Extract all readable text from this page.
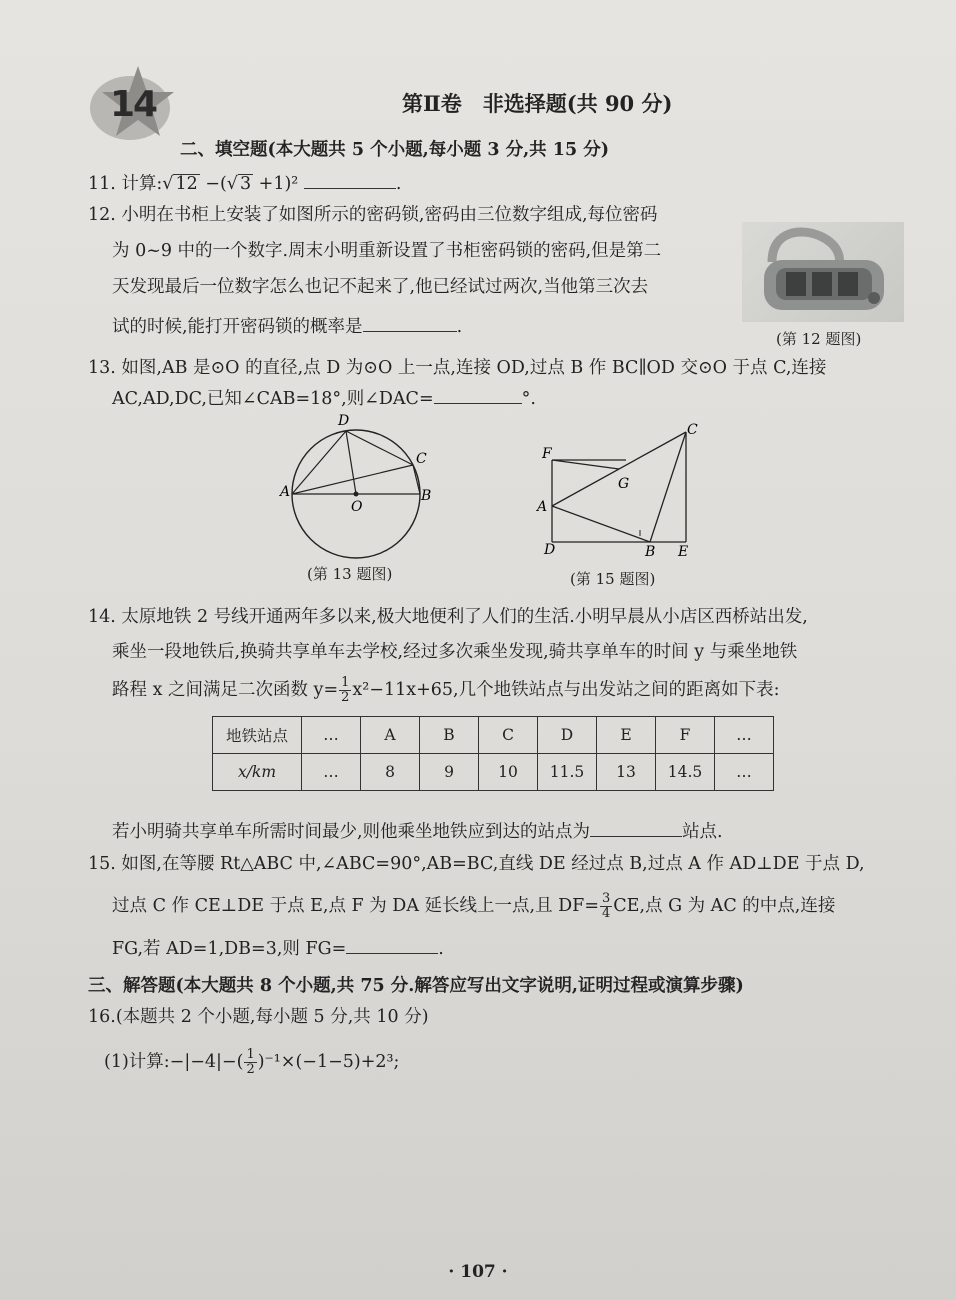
14	第Ⅱ卷　非选择题(共 90 分)
二、填空题(本大题共 5 个小题,每小题 3 分,共 15 分)
11. 计算:√ 12 −(√ 3 +1)²	.
12. 小明在书柜上安装了如图所示的密码锁,密码由三位数字组成,每位密码
为 0~9 中的一个数字.周末小明重新设置了书柜密码锁的密码,但是第二
天发现最后一位数字怎么也记不起来了,他已经试过两次,当他第三次去
试的时候,能打开密码锁的概率是	.
(第 12 题图)
13. 如图,AB 是⊙O 的直径,点 D 为⊙O 上一点,连接 OD,过点 B 作 BC∥OD 交⊙O 于点 C,连接
AC,AD,DC,已知∠CAB=18°,则∠DAC=	°.
D
C
A
O
B
(第 13 题图)
C
F
G
A
D	B E
(第 15 题图)
14. 太原地铁 2 号线开通两年多以来,极大地便利了人们的生活.小明早晨从小店区西桥站出发,
乘坐一段地铁后,换骑共享单车去学校,经过多次乘坐发现,骑共享单车的时间 y 与乘坐地铁
路程 x 之间满足二次函数 $y= \frac{1}{2} x^2-11x+65$,几个地铁站点与出发站之间的距离如下表:
地铁站点	…	A	B	C	D	E	F	…
x/km	…	8	9	10	11.5	13	14.5	…
若小明骑共享单车所需时间最少,则他乘坐地铁应到达的站点为	站点.
15. 如图,在等腰 Rt△ABC 中,∠ABC=90°,AB=BC,直线 DE 经过点 B,过点 A 作 AD⊥DE 于点 D,
过点 C 作 CE⊥DE 于点 E,点 F 为 DA 延长线上一点,且 $DF= \frac{3}{4}$ CE,点 G 为 AC 的中点,连接
FG,若 AD=1,DB=3,则 FG=	.
三、解答题(本大题共 8 个小题,共 75 分.解答应写出文字说明,证明过程或演算步骤)
16.(本题共 2 个小题,每小题 5 分,共 10 分)
(1)计算:−|−4|−( $\frac{1}{2} )^{-1}\times(-1-5)+2^3$;
· 107 ·
